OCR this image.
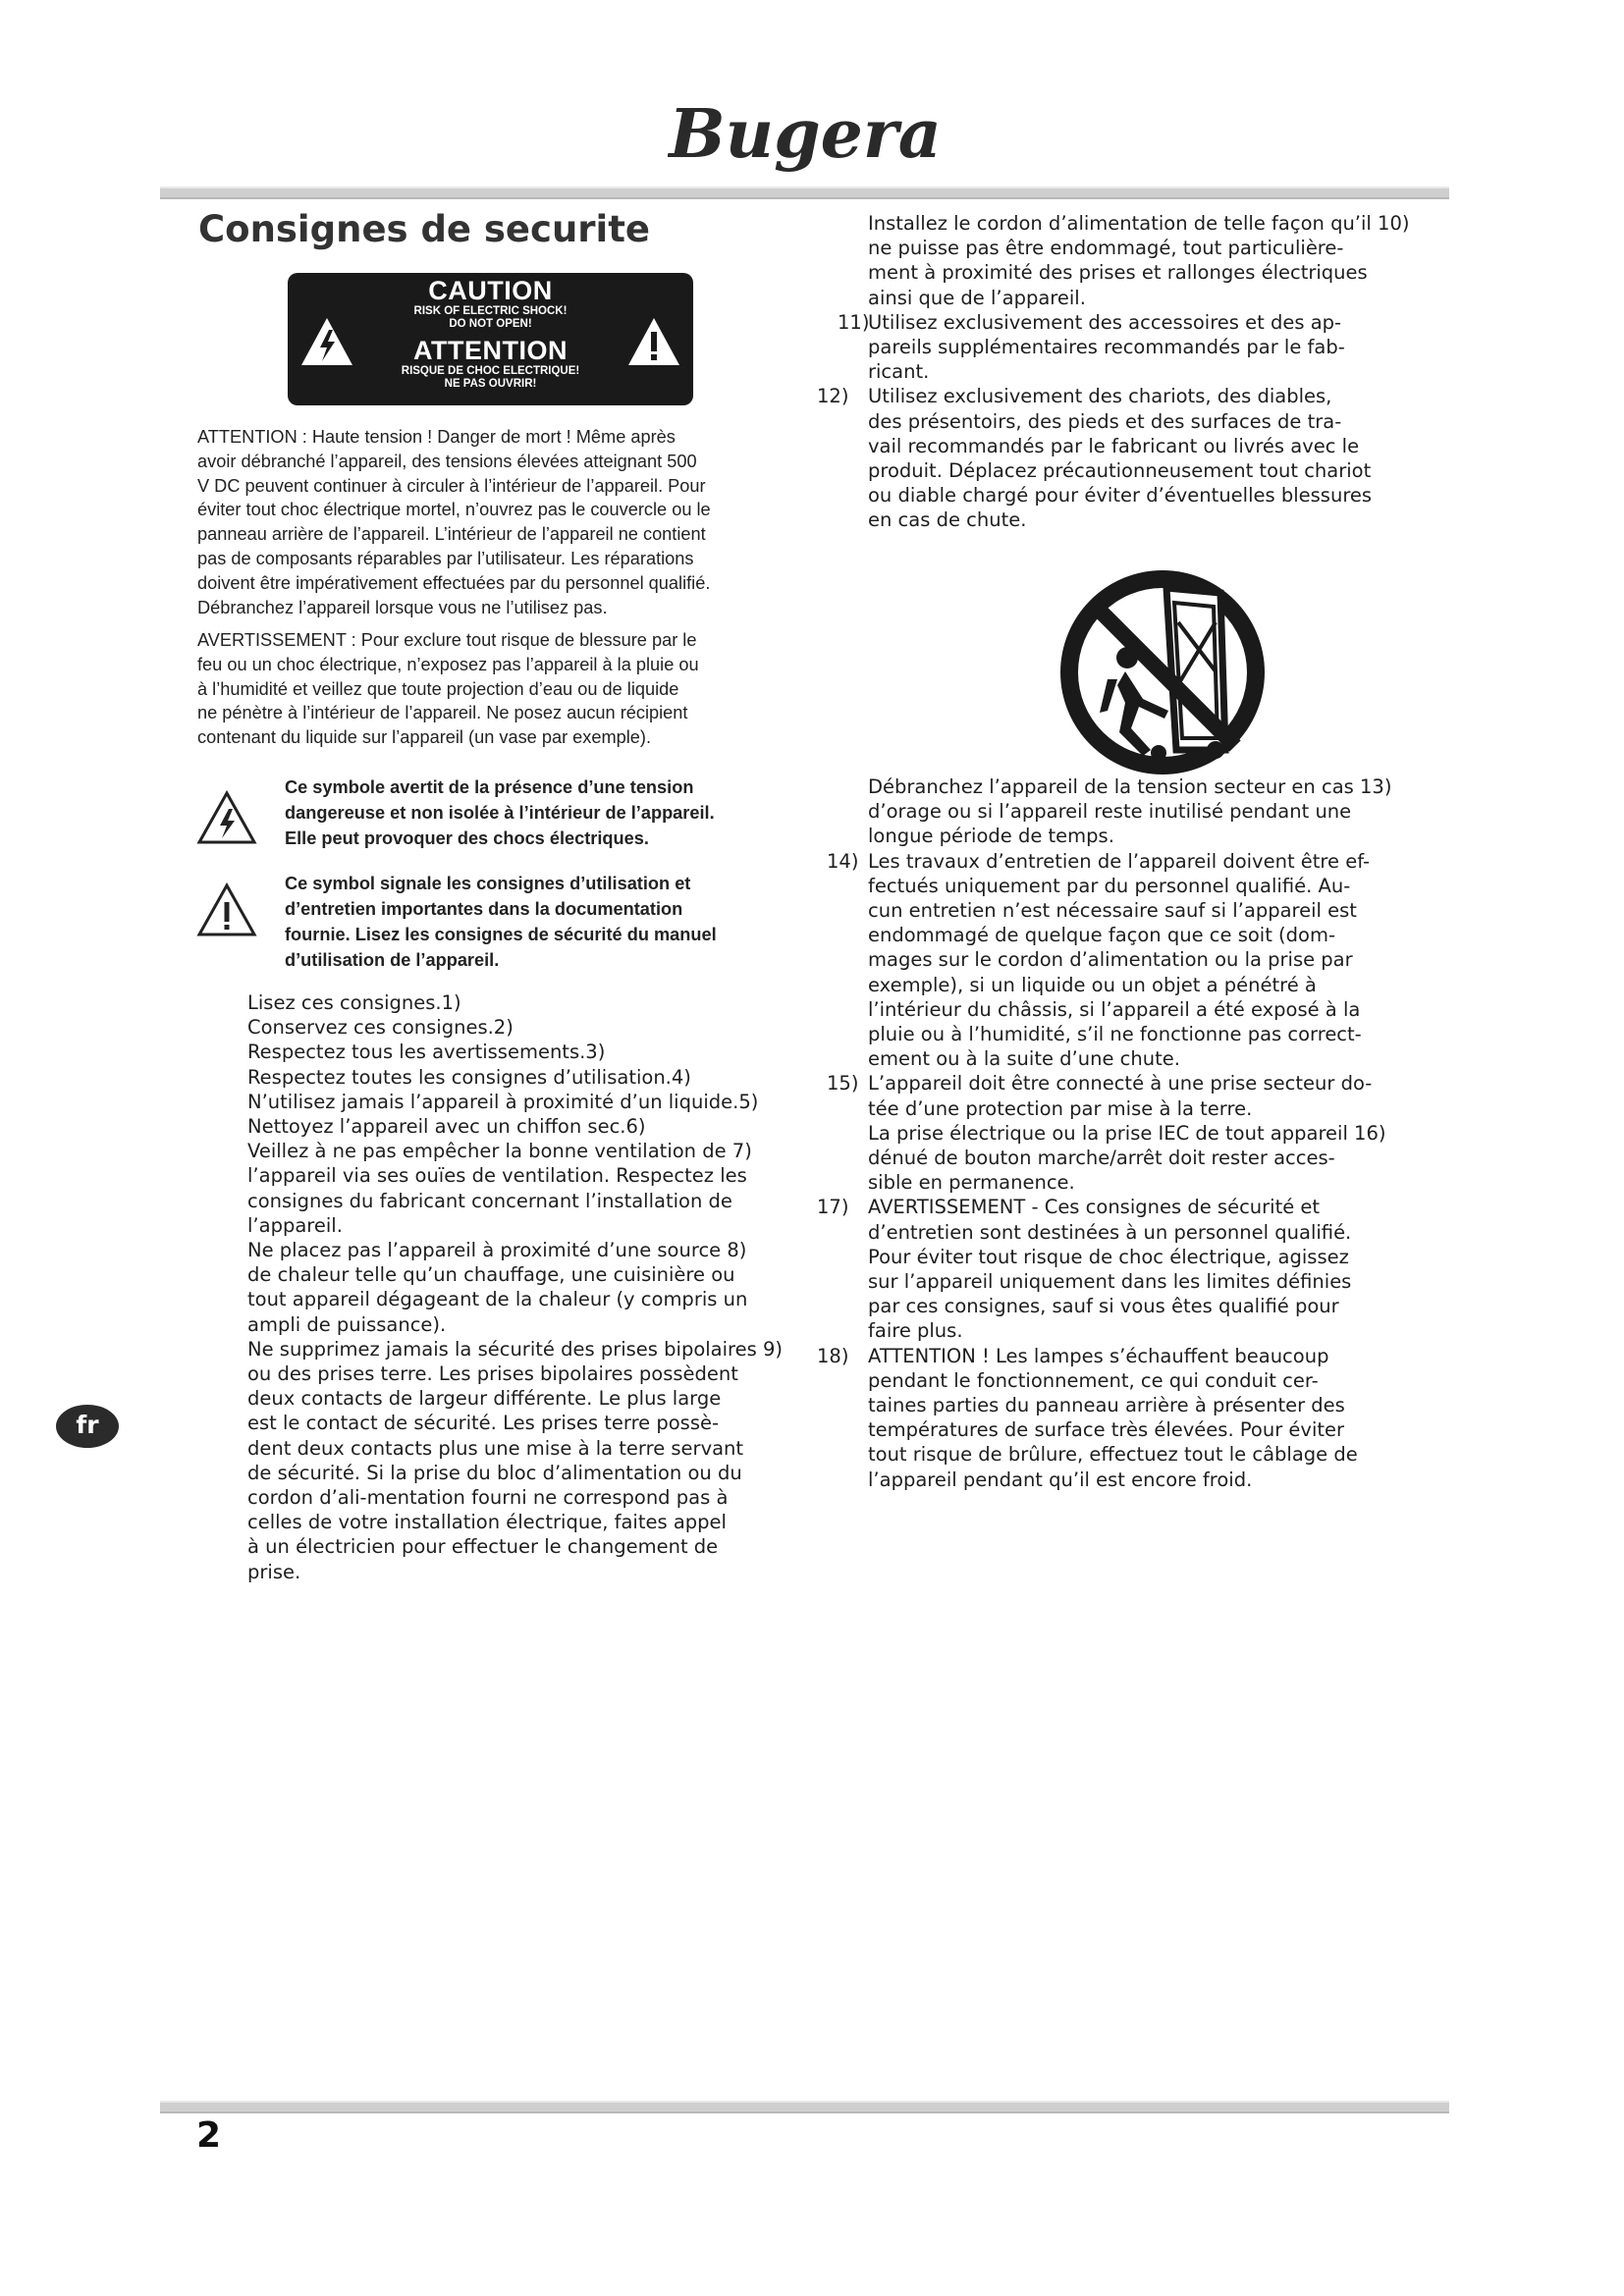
Bugera
Consignes de securite
CAUTION
RISK OF ELECTRIC SHOCK!
DO NOT OPEN!
ATTENTION
RISQUE DE CHOC ELECTRIQUE!
NE PAS OUVRIR!

ATTENTION : Haute tension ! Danger de mort ! Même après

avoir débranché l’appareil, des tensions élevées atteignant 500

V DC peuvent continuer à circuler à l’intérieur de l’appareil. Pour

éviter tout choc électrique mortel, n’ouvrez pas le couvercle ou le

panneau arrière de l’appareil. L’intérieur de l’appareil ne contient

pas de composants réparables par l’utilisateur. Les réparations

doivent être impérativement effectuées par du personnel qualifié.

Débranchez l’appareil lorsque vous ne l’utilisez pas.

AVERTISSEMENT : Pour exclure tout risque de blessure par le

feu ou un choc électrique, n’exposez pas l’appareil à la pluie ou

à l’humidité et veillez que toute projection d’eau ou de liquide

ne pénètre à l’intérieur de l’appareil. Ne posez aucun récipient

contenant du liquide sur l’appareil (un vase par exemple).

Ce symbole avertit de la présence d’une tension
dangereuse et non isolée à l’intérieur de l’appareil.
Elle peut provoquer des chocs électriques.
Ce symbol signale les consignes d’utilisation et
d’entretien importantes dans la documentation
fournie. Lisez les consignes de sécurité du manuel
d’utilisation de l’appareil.
Lisez ces consignes.1)
Conservez ces consignes.2)
Respectez tous les avertissements.3)
Respectez toutes les consignes d’utilisation.4)
N’utilisez jamais l’appareil à proximité d’un liquide.5)
Nettoyez l’appareil avec un chiffon sec.6)
Veillez à ne pas empêcher la bonne ventilation de 7)
l’appareil via ses ouïes de ventilation. Respectez les
consignes du fabricant concernant l’installation de
l’appareil.
Ne placez pas l’appareil à proximité d’une source 8)
de chaleur telle qu’un chauffage, une cuisinière ou
tout appareil dégageant de la chaleur (y compris un
ampli de puissance).
Ne supprimez jamais la sécurité des prises bipolaires 9)
ou des prises terre. Les prises bipolaires possèdent
deux contacts de largeur différente. Le plus large
est le contact de sécurité. Les prises terre possè-
dent deux contacts plus une mise à la terre servant
de sécurité. Si la prise du bloc d’alimentation ou du
cordon d’ali-mentation fourni ne correspond pas à
celles de votre installation électrique, faites appel
à un électricien pour effectuer le changement de
prise.
Installez le cordon d’alimentation de telle façon qu’il 10)
ne puisse pas être endommagé, tout particulière-
ment à proximité des prises et rallonges électriques
ainsi que de l’appareil.
11)
Utilisez exclusivement des accessoires et des ap-
pareils supplémentaires recommandés par le fab-
ricant.
12) Utilisez exclusivement des chariots, des diables,
des présentoirs, des pieds et des surfaces de tra-
vail recommandés par le fabricant ou livrés avec le
produit. Déplacez précautionneusement tout chariot
ou diable chargé pour éviter d’éventuelles blessures
en cas de chute.
Débranchez l’appareil de la tension secteur en cas 13)
d’orage ou si l’appareil reste inutilisé pendant une
longue période de temps.
14) Les travaux d’entretien de l’appareil doivent être ef-
fectués uniquement par du personnel qualifié. Au-
cun entretien n’est nécessaire sauf si l’appareil est
endommagé de quelque façon que ce soit (dom-
mages sur le cordon d’alimentation ou la prise par
exemple), si un liquide ou un objet a pénétré à
l’intérieur du châssis, si l’appareil a été exposé à la
pluie ou à l’humidité, s’il ne fonctionne pas correct-
ement ou à la suite d’une chute.
15) L’appareil doit être connecté à une prise secteur do-
tée d’une protection par mise à la terre.
La prise électrique ou la prise IEC de tout appareil 16)
dénué de bouton marche/arrêt doit rester acces-
sible en permanence.
17) AVERTISSEMENT - Ces consignes de sécurité et
d’entretien sont destinées à un personnel qualifié.
Pour éviter tout risque de choc électrique, agissez
sur l’appareil uniquement dans les limites définies
par ces consignes, sauf si vous êtes qualifié pour
faire plus.
18) ATTENTION ! Les lampes s’échauffent beaucoup
pendant le fonctionnement, ce qui conduit cer-
taines parties du panneau arrière à présenter des
températures de surface très élevées. Pour éviter
tout risque de brûlure, effectuez tout le câblage de
l’appareil pendant qu’il est encore froid.
fr
2
